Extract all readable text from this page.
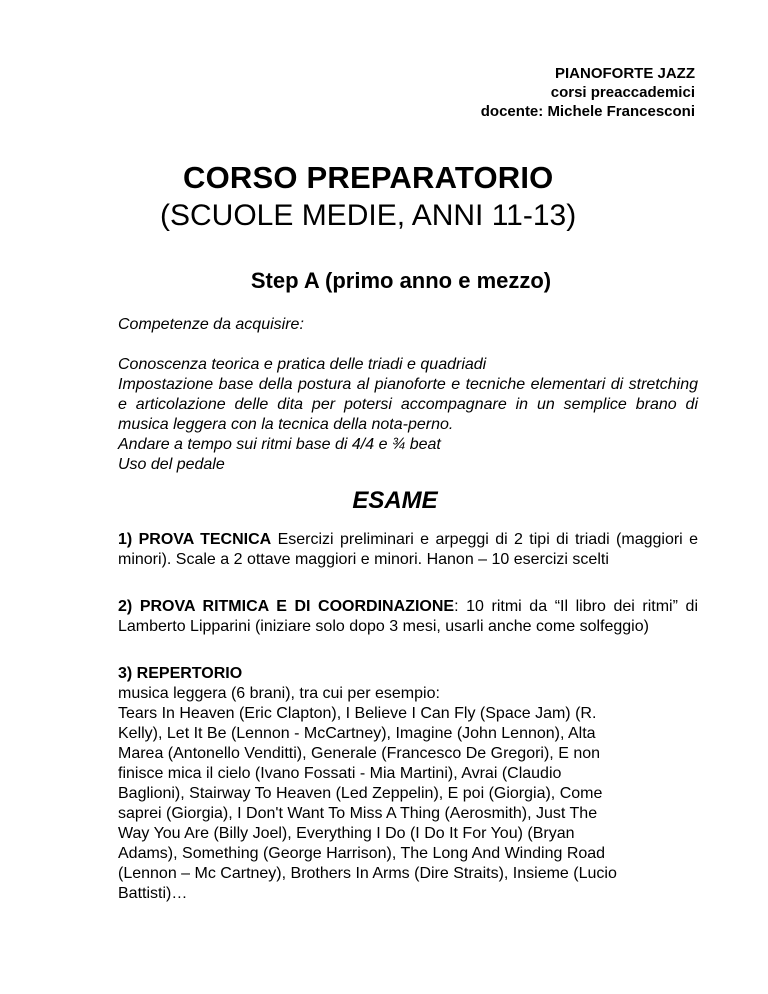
PIANOFORTE JAZZ
corsi preaccademici
docente: Michele Francesconi
CORSO PREPARATORIO
(SCUOLE MEDIE, ANNI 11-13)
Step A (primo anno e mezzo)
Competenze da acquisire:
Conoscenza teorica e pratica delle triadi e quadriadi
Impostazione base della postura al pianoforte e tecniche elementari di stretching e articolazione delle dita per potersi accompagnare in un semplice brano di musica leggera con la tecnica della nota-perno.
Andare a tempo sui ritmi base di 4/4 e ¾ beat
Uso del pedale
ESAME
1) PROVA TECNICA Esercizi preliminari e arpeggi di 2 tipi di triadi (maggiori e minori). Scale a 2 ottave maggiori e minori. Hanon – 10 esercizi scelti
2) PROVA RITMICA E DI COORDINAZIONE: 10 ritmi da “Il libro dei ritmi” di Lamberto Lipparini (iniziare solo dopo 3 mesi, usarli anche come solfeggio)
3) REPERTORIO
musica leggera (6 brani), tra cui per esempio:
Tears In Heaven (Eric Clapton), I Believe I Can Fly (Space Jam) (R.
Kelly), Let It Be (Lennon - McCartney), Imagine (John Lennon), Alta
Marea (Antonello Venditti), Generale (Francesco De Gregori), E non
finisce mica il cielo (Ivano Fossati - Mia Martini), Avrai (Claudio
Baglioni), Stairway To Heaven (Led Zeppelin), E poi (Giorgia), Come
saprei (Giorgia), I Don't Want To Miss A Thing (Aerosmith), Just The
Way You Are (Billy Joel), Everything I Do (I Do It For You) (Bryan
Adams), Something (George Harrison), The Long And Winding Road
(Lennon – Mc Cartney), Brothers In Arms (Dire Straits), Insieme (Lucio
Battisti)…
